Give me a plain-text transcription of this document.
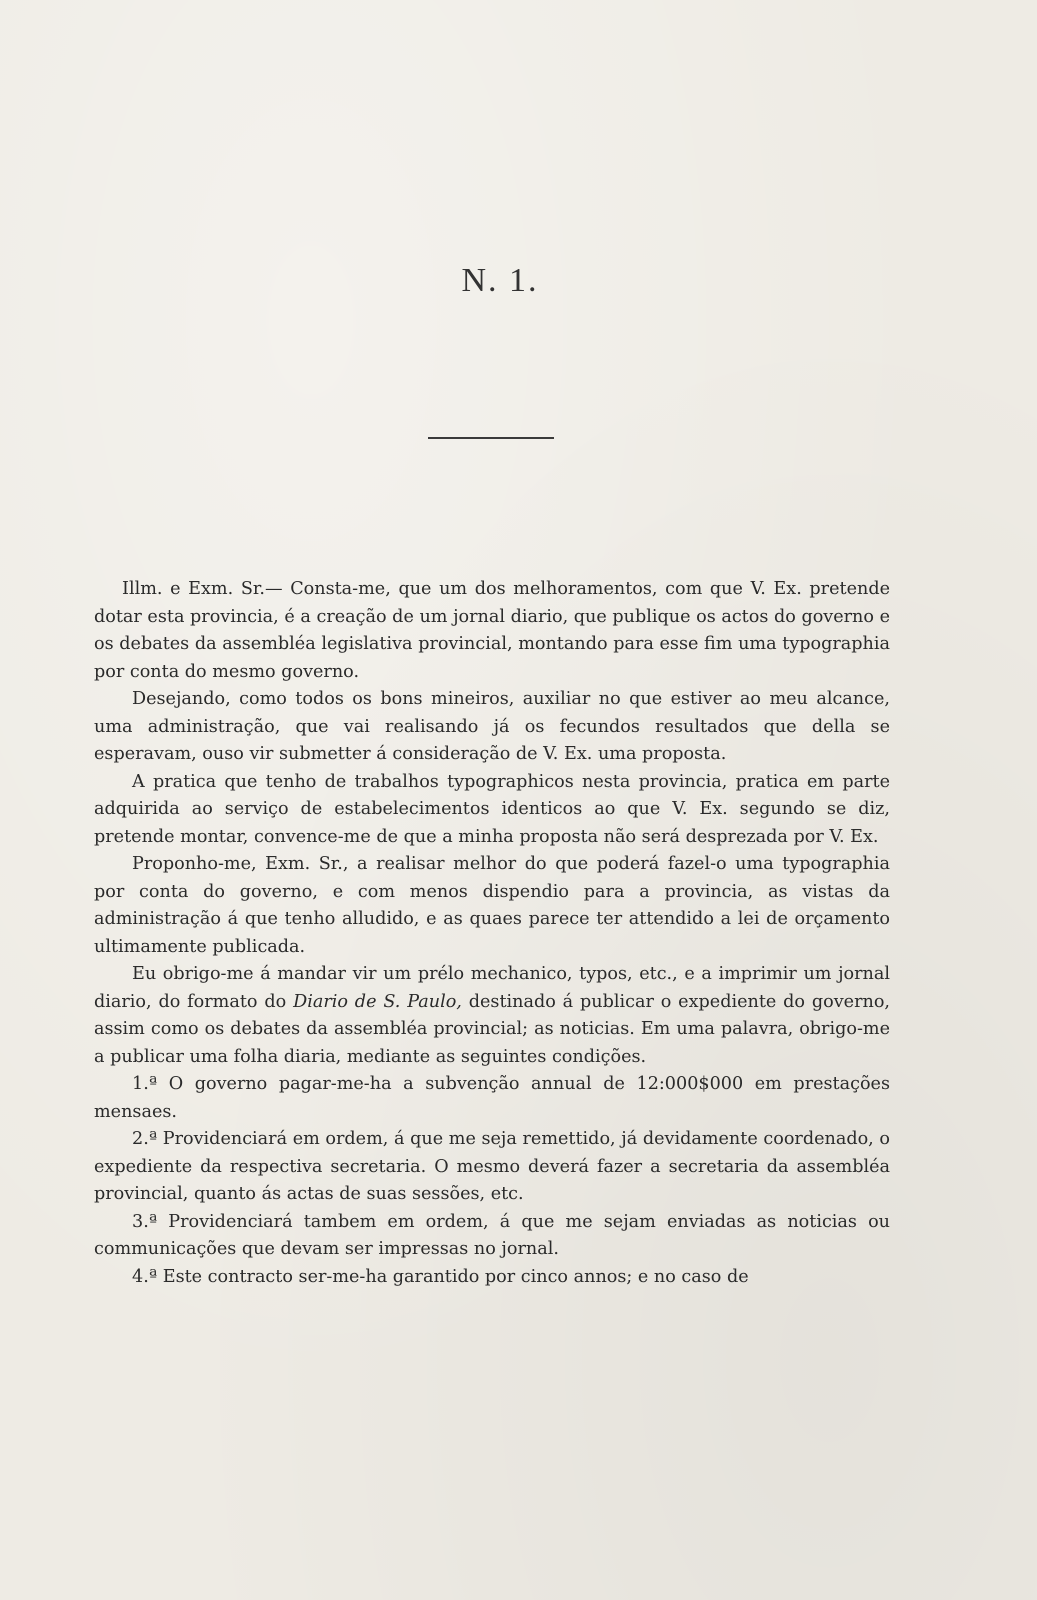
N. 1.

Illm. e Exm. Sr.— Consta-me, que um dos melhoramentos, com que V. Ex. pretende dotar esta provincia, é a creação de um jornal diario, que publique os actos do governo e os debates da assembléa legislativa provincial, montando para esse fim uma typographia por conta do mesmo governo.

Desejando, como todos os bons mineiros, auxiliar no que estiver ao meu alcance, uma administração, que vai realisando já os fecundos resultados que della se esperavam, ouso vir submetter á consideração de V. Ex. uma proposta.

A pratica que tenho de trabalhos typographicos nesta provincia, pratica em parte adquirida ao serviço de estabelecimentos identicos ao que V. Ex. segundo se diz, pretende montar, convence-me de que a minha proposta não será desprezada por V. Ex.

Proponho-me, Exm. Sr., a realisar melhor do que poderá fazel-o uma typographia por conta do governo, e com menos dispendio para a provincia, as vistas da administração á que tenho alludido, e as quaes parece ter attendido a lei de orçamento ultimamente publicada.

Eu obrigo-me á mandar vir um prélo mechanico, typos, etc., e a imprimir um jornal diario, do formato do Diario de S. Paulo, destinado á publicar o expediente do governo, assim como os debates da assembléa provincial; as noticias. Em uma palavra, obrigo-me a publicar uma folha diaria, mediante as seguintes condições.

1.ª O governo pagar-me-ha a subvenção annual de 12:000$000 em prestações mensaes.

2.ª Providenciará em ordem, á que me seja remettido, já devidamente coordenado, o expediente da respectiva secretaria. O mesmo deverá fazer a secretaria da assembléa provincial, quanto ás actas de suas sessões, etc.

3.ª Providenciará tambem em ordem, á que me sejam enviadas as noticias ou communicações que devam ser impressas no jornal.

4.ª Este contracto ser-me-ha garantido por cinco annos; e no caso de
